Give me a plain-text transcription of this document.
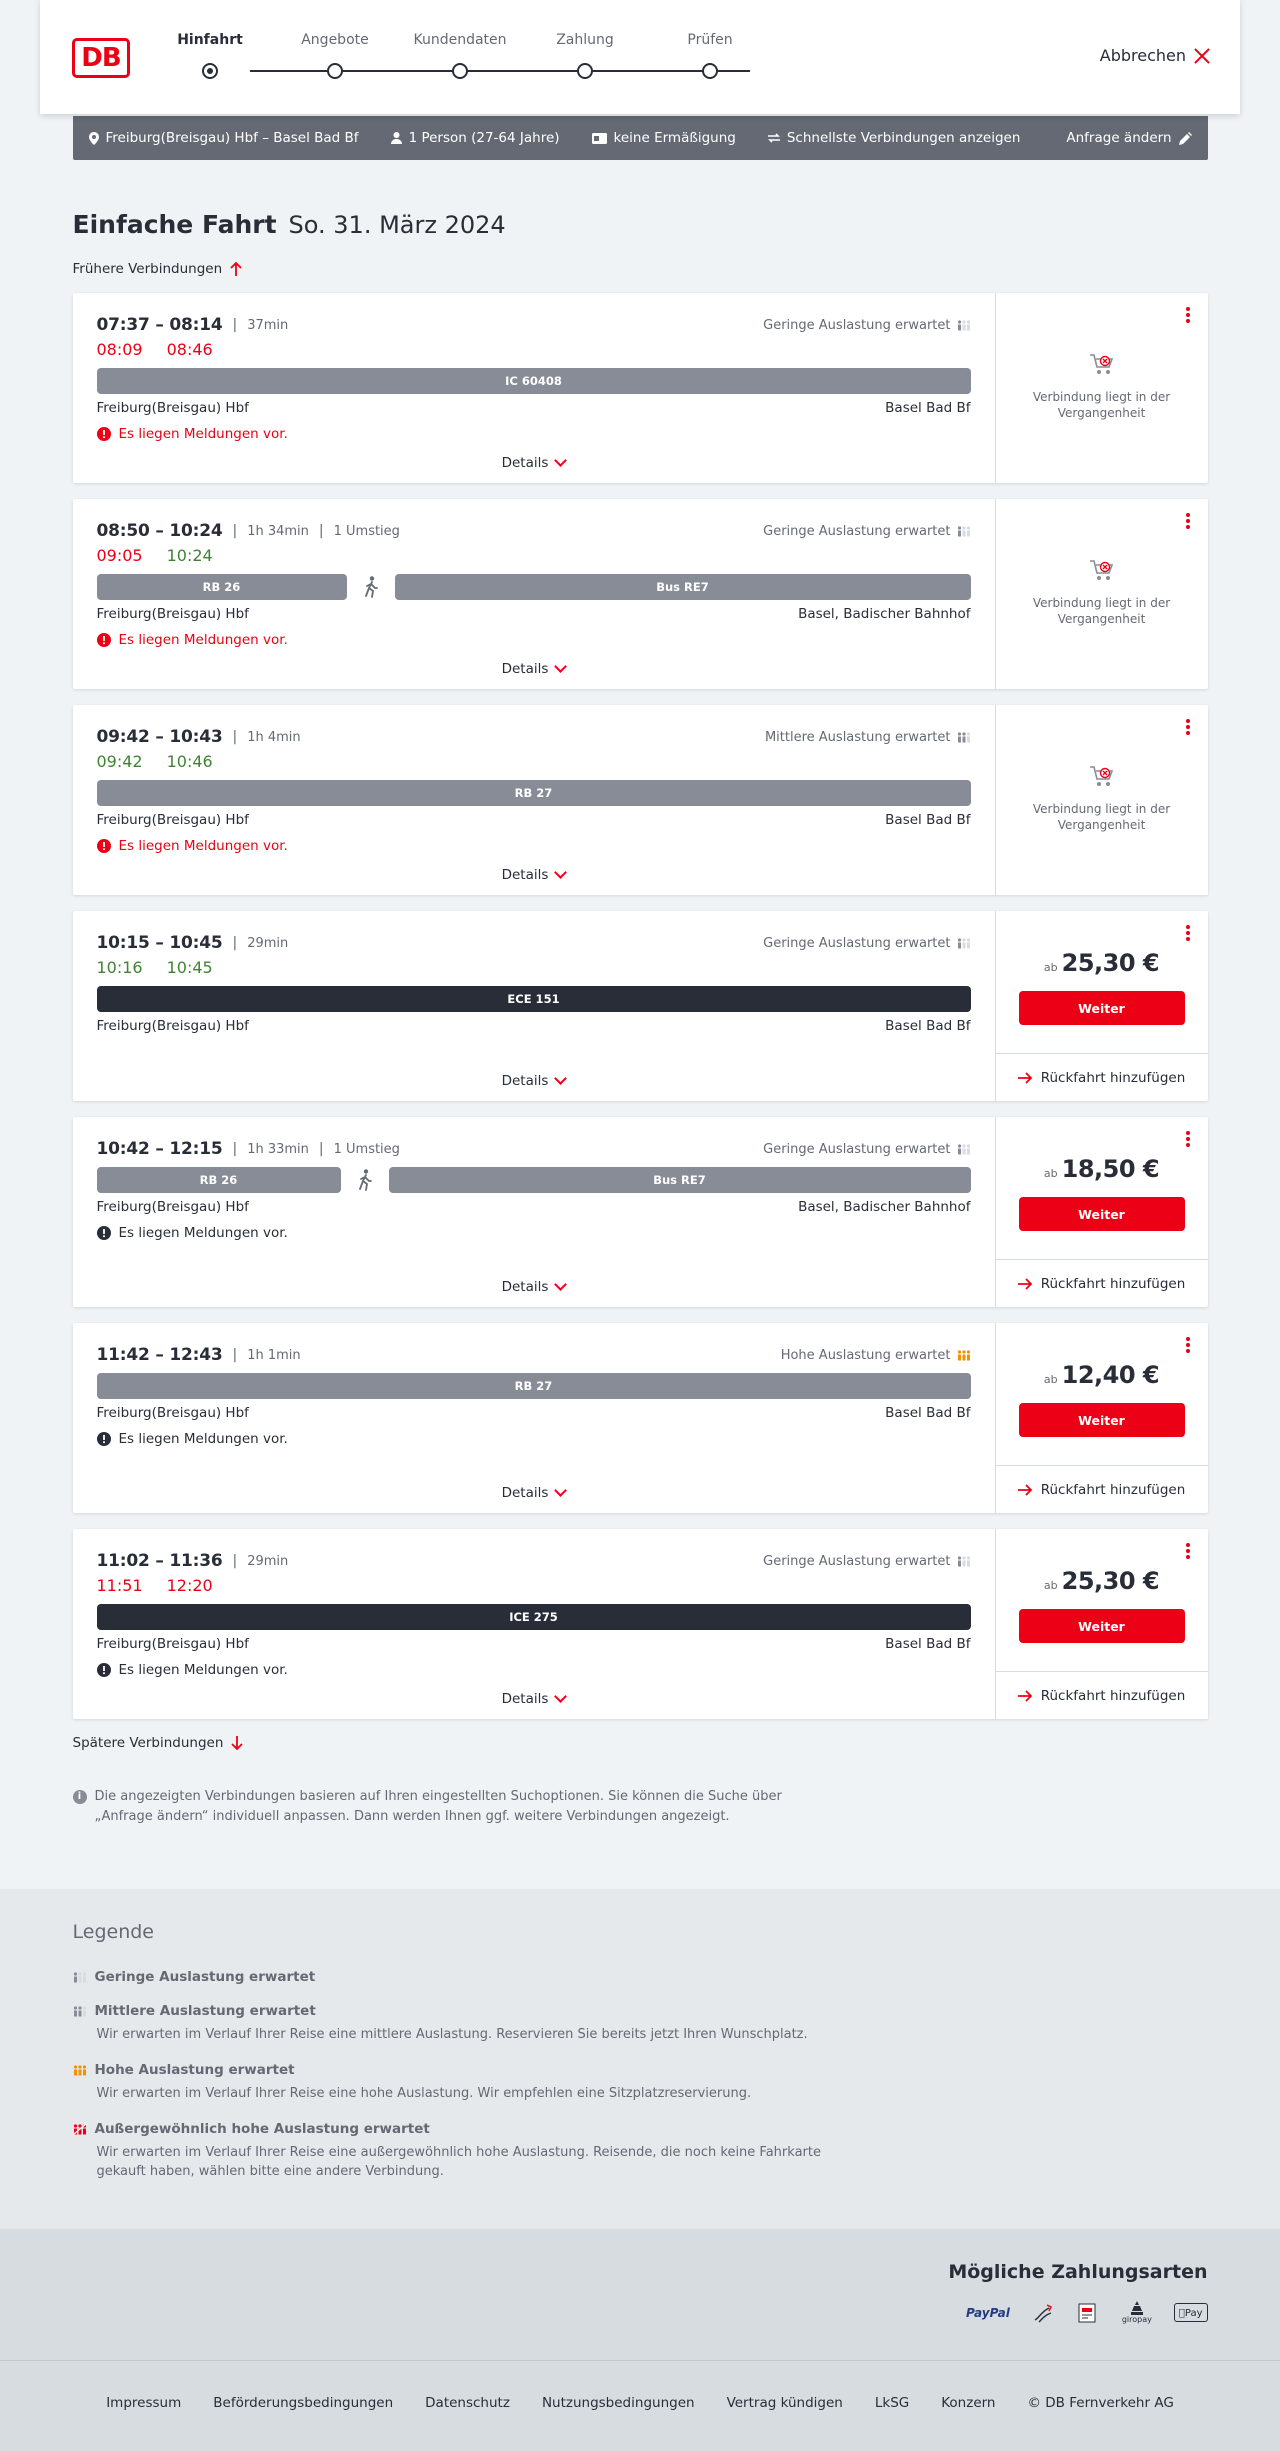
DB
Hinfahrt	Angebote	Kundendaten	Zahlung	Prüfen
Abbrechen
Freiburg(Breisgau) Hbf – Basel Bad Bf	1 Person (27-64 Jahre)	keine Ermäßigung	Schnellste Verbindungen anzeigen	Anfrage ändern
Einfache Fahrt So. 31. März 2024
Frühere Verbindungen
07:37 – 08:14 | 37min	Geringe Auslastung erwartet
08:09 08:46
IC 60408
Freiburg(Breisgau) Hbf	Basel Bad Bf
Es liegen Meldungen vor.
Details
Verbindung liegt in der Vergangenheit
08:50 – 10:24 | 1h 34min | 1 Umstieg	Geringe Auslastung erwartet
09:05 10:24
RB 26	Bus RE7
Freiburg(Breisgau) Hbf	Basel, Badischer Bahnhof
Es liegen Meldungen vor.
Details
Verbindung liegt in der Vergangenheit
09:42 – 10:43 | 1h 4min	Mittlere Auslastung erwartet
09:42 10:46
RB 27
Freiburg(Breisgau) Hbf	Basel Bad Bf
Es liegen Meldungen vor.
Details
Verbindung liegt in der Vergangenheit
10:15 – 10:45 | 29min	Geringe Auslastung erwartet
10:16 10:45
ECE 151
Freiburg(Breisgau) Hbf	Basel Bad Bf
Details
ab 25,30 €
Weiter
Rückfahrt hinzufügen
10:42 – 12:15 | 1h 33min | 1 Umstieg	Geringe Auslastung erwartet
RB 26	Bus RE7
Freiburg(Breisgau) Hbf	Basel, Badischer Bahnhof
Es liegen Meldungen vor.
Details
ab 18,50 €
Weiter
Rückfahrt hinzufügen
11:42 – 12:43 | 1h 1min	Hohe Auslastung erwartet
RB 27
Freiburg(Breisgau) Hbf	Basel Bad Bf
Es liegen Meldungen vor.
Details
ab 12,40 €
Weiter
Rückfahrt hinzufügen
11:02 – 11:36 | 29min	Geringe Auslastung erwartet
11:51 12:20
ICE 275
Freiburg(Breisgau) Hbf	Basel Bad Bf
Es liegen Meldungen vor.
Details
ab 25,30 €
Weiter
Rückfahrt hinzufügen
Spätere Verbindungen
i	Die angezeigten Verbindungen basieren auf Ihren eingestellten Suchoptionen. Sie können die Suche über „Anfrage ändern“ individuell anpassen. Dann werden Ihnen ggf. weitere Verbindungen angezeigt.
Legende
Geringe Auslastung erwartet
Mittlere Auslastung erwartet
Wir erwarten im Verlauf Ihrer Reise eine mittlere Auslastung. Reservieren Sie bereits jetzt Ihren Wunschplatz.
Hohe Auslastung erwartet
Wir erwarten im Verlauf Ihrer Reise eine hohe Auslastung. Wir empfehlen eine Sitzplatzreservierung.
Außergewöhnlich hohe Auslastung erwartet
Wir erwarten im Verlauf Ihrer Reise eine außergewöhnlich hohe Auslastung. Reisende, die noch keine Fahrkarte gekauft haben, wählen bitte eine andere Verbindung.
Mögliche Zahlungsarten
PayPal	giropay
Pay
Impressum Beförderungsbedingungen Datenschutz Nutzungsbedingungen Vertrag kündigen LkSG Konzern © DB Fernverkehr AG
